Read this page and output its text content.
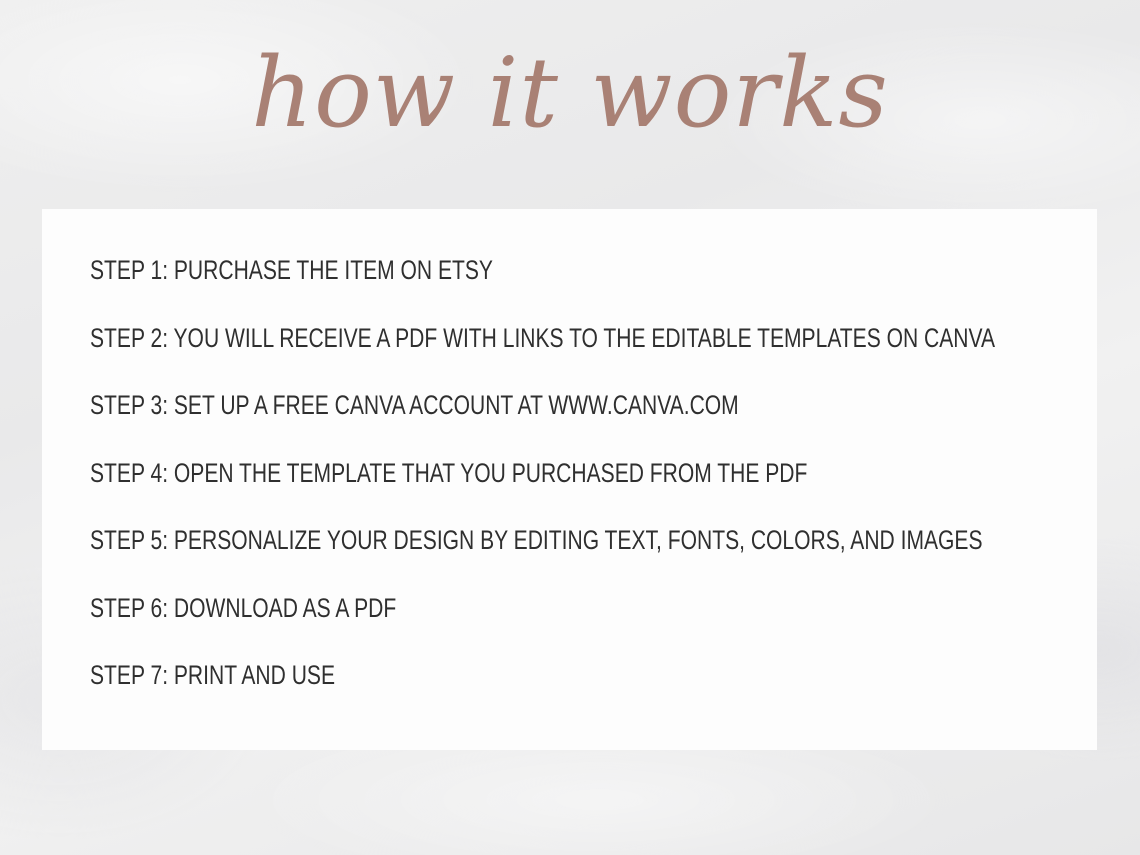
how it works
STEP 1: PURCHASE THE ITEM ON ETSY
STEP 2: YOU WILL RECEIVE A PDF WITH LINKS TO THE EDITABLE TEMPLATES ON CANVA
STEP 3: SET UP A FREE CANVA ACCOUNT AT WWW.CANVA.COM
STEP 4: OPEN THE TEMPLATE THAT YOU PURCHASED FROM THE PDF
STEP 5: PERSONALIZE YOUR DESIGN BY EDITING TEXT, FONTS, COLORS, AND IMAGES
STEP 6: DOWNLOAD AS A PDF
STEP 7: PRINT AND USE
